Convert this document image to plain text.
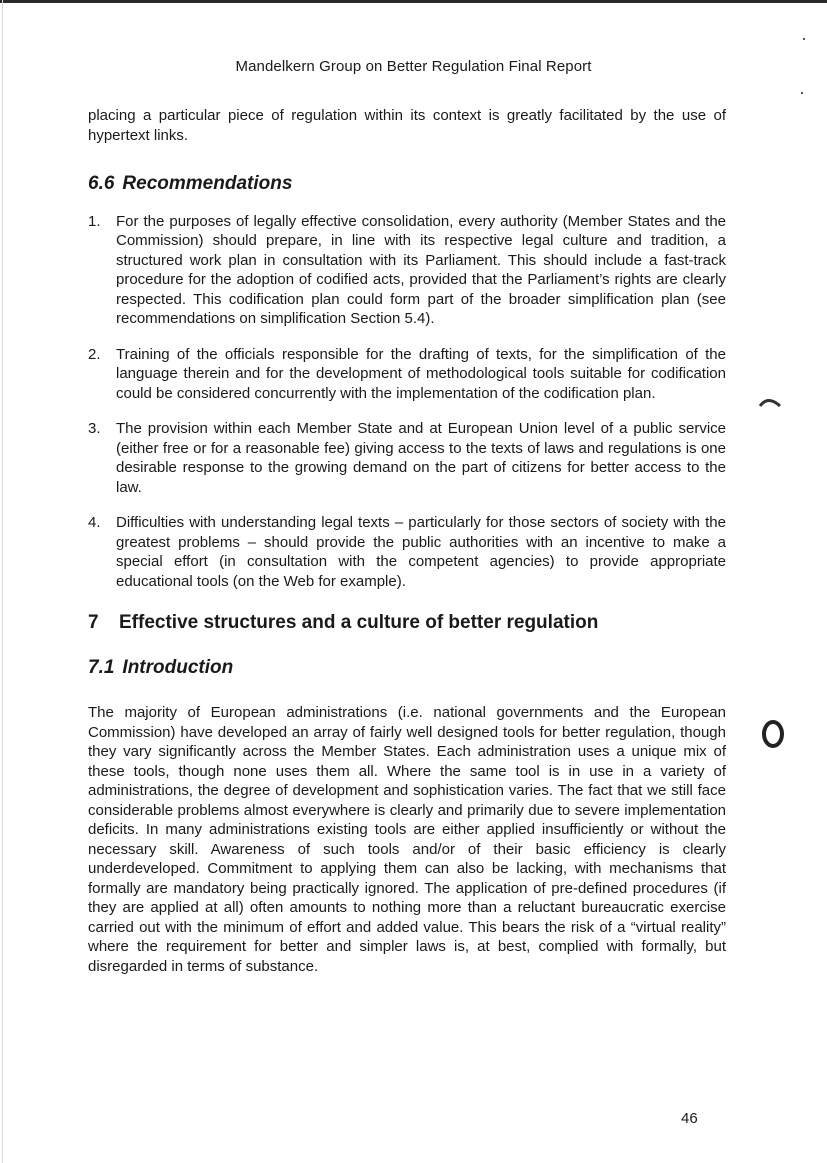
Mandelkern Group on Better Regulation Final Report

placing a particular piece of regulation within its context is greatly facilitated by the use of hypertext links.

6.6 Recommendations
1. For the purposes of legally effective consolidation, every authority (Member States and the Commission) should prepare, in line with its respective legal culture and tradition, a structured work plan in consultation with its Parliament. This should include a fast-track procedure for the adoption of codified acts, provided that the Parliament’s rights are clearly respected. This codification plan could form part of the broader simplification plan (see recommendations on simplification Section 5.4).
2. Training of the officials responsible for the drafting of texts, for the simplification of the language therein and for the development of methodological tools suitable for codification could be considered concurrently with the implementation of the codification plan.
3. The provision within each Member State and at European Union level of a public service (either free or for a reasonable fee) giving access to the texts of laws and regulations is one desirable response to the growing demand on the part of citizens for better access to the law.
4. Difficulties with understanding legal texts – particularly for those sectors of society with the greatest problems – should provide the public authorities with an incentive to make a special effort (in consultation with the competent agencies) to provide appropriate educational tools (on the Web for example).
7 Effective structures and a culture of better regulation
7.1 Introduction

The majority of European administrations (i.e. national governments and the European Commission) have developed an array of fairly well designed tools for better regulation, though they vary significantly across the Member States. Each administration uses a unique mix of these tools, though none uses them all. Where the same tool is in use in a variety of administrations, the degree of development and sophistication varies. The fact that we still face considerable problems almost everywhere is clearly and primarily due to severe implementation deficits. In many administrations existing tools are either applied insufficiently or without the necessary skill. Awareness of such tools and/or of their basic efficiency is clearly underdeveloped. Commitment to applying them can also be lacking, with mechanisms that formally are mandatory being practically ignored. The application of pre-defined procedures (if they are applied at all) often amounts to nothing more than a reluctant bureaucratic exercise carried out with the minimum of effort and added value. This bears the risk of a “virtual reality” where the requirement for better and simpler laws is, at best, complied with formally, but disregarded in terms of substance.

46
